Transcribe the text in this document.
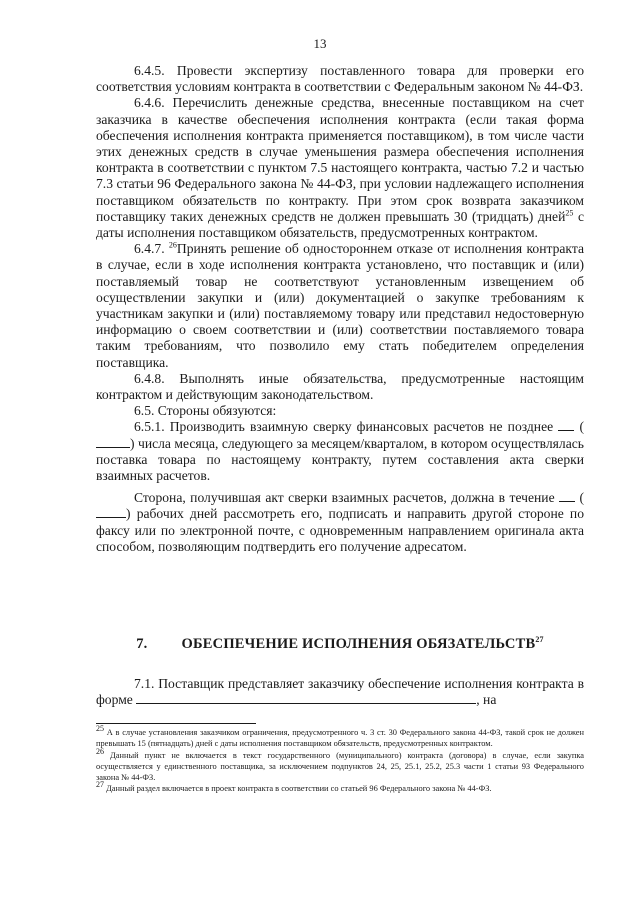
13

6.4.5. Провести экспертизу поставленного товара для проверки его соответствия условиям контракта в соответствии с Федеральным законом № 44-ФЗ.

6.4.6. Перечислить денежные средства, внесенные поставщиком на счет заказчика в качестве обеспечения исполнения контракта (если такая форма обеспечения исполнения контракта применяется поставщиком), в том числе части этих денежных средств в случае уменьшения размера обеспечения исполнения контракта в соответствии с пунктом 7.5 настоящего контракта, частью 7.2 и частью 7.3 статьи 96 Федерального закона № 44-ФЗ, при условии надлежащего исполнения поставщиком обязательств по контракту. При этом срок возврата заказчиком поставщику таких денежных средств не должен превышать 30 (тридцать) дней$^{25}$ с даты исполнения поставщиком обязательств, предусмотренных контрактом.

6.4.7. $^{26}$Принять решение об одностороннем отказе от исполнения контракта в случае, если в ходе исполнения контракта установлено, что поставщик и (или) поставляемый товар не соответствуют установленным извещением об осуществлении закупки и (или) документацией о закупке требованиям к участникам закупки и (или) поставляемому товару или представил недостоверную информацию о своем соответствии и (или) соответствии поставляемого товара таким требованиям, что позволило ему стать победителем определения поставщика.

6.4.8. Выполнять иные обязательства, предусмотренные настоящим контрактом и действующим законодательством.

6.5. Стороны обязуются:

6.5.1. Производить взаимную сверку финансовых расчетов не позднее  () числа месяца, следующего за месяцем/кварталом, в котором осуществлялась поставка товара по настоящему контракту, путем составления акта сверки взаимных расчетов.

Сторона, получившая акт сверки взаимных расчетов, должна в течение  () рабочих дней рассмотреть его, подписать и направить другой стороне по факсу или по электронной почте, с одновременным направлением оригинала акта способом, позволяющим подтвердить его получение адресатом.

7. ОБЕСПЕЧЕНИЕ ИСПОЛНЕНИЯ ОБЯЗАТЕЛЬСТВ$^{27}$

7.1. Поставщик представляет заказчику обеспечение исполнения контракта в форме	, на

$^{25}$ А в случае установления заказчиком ограничения, предусмотренного ч. 3 ст. 30 Федерального закона 44-ФЗ, такой срок не должен превышать 15 (пятнадцать) дней с даты исполнения поставщиком обязательств, предусмотренных контрактом.

$^{26}$ Данный пункт не включается в текст государственного (муниципального) контракта (договора) в случае, если закупка осуществляется у единственного поставщика, за исключением подпунктов 24, 25, 25.1, 25.2, 25.3 части 1 статьи 93 Федерального закона № 44-ФЗ.

$^{27}$ Данный раздел включается в проект контракта в соответствии со статьей 96 Федерального закона № 44-ФЗ.
